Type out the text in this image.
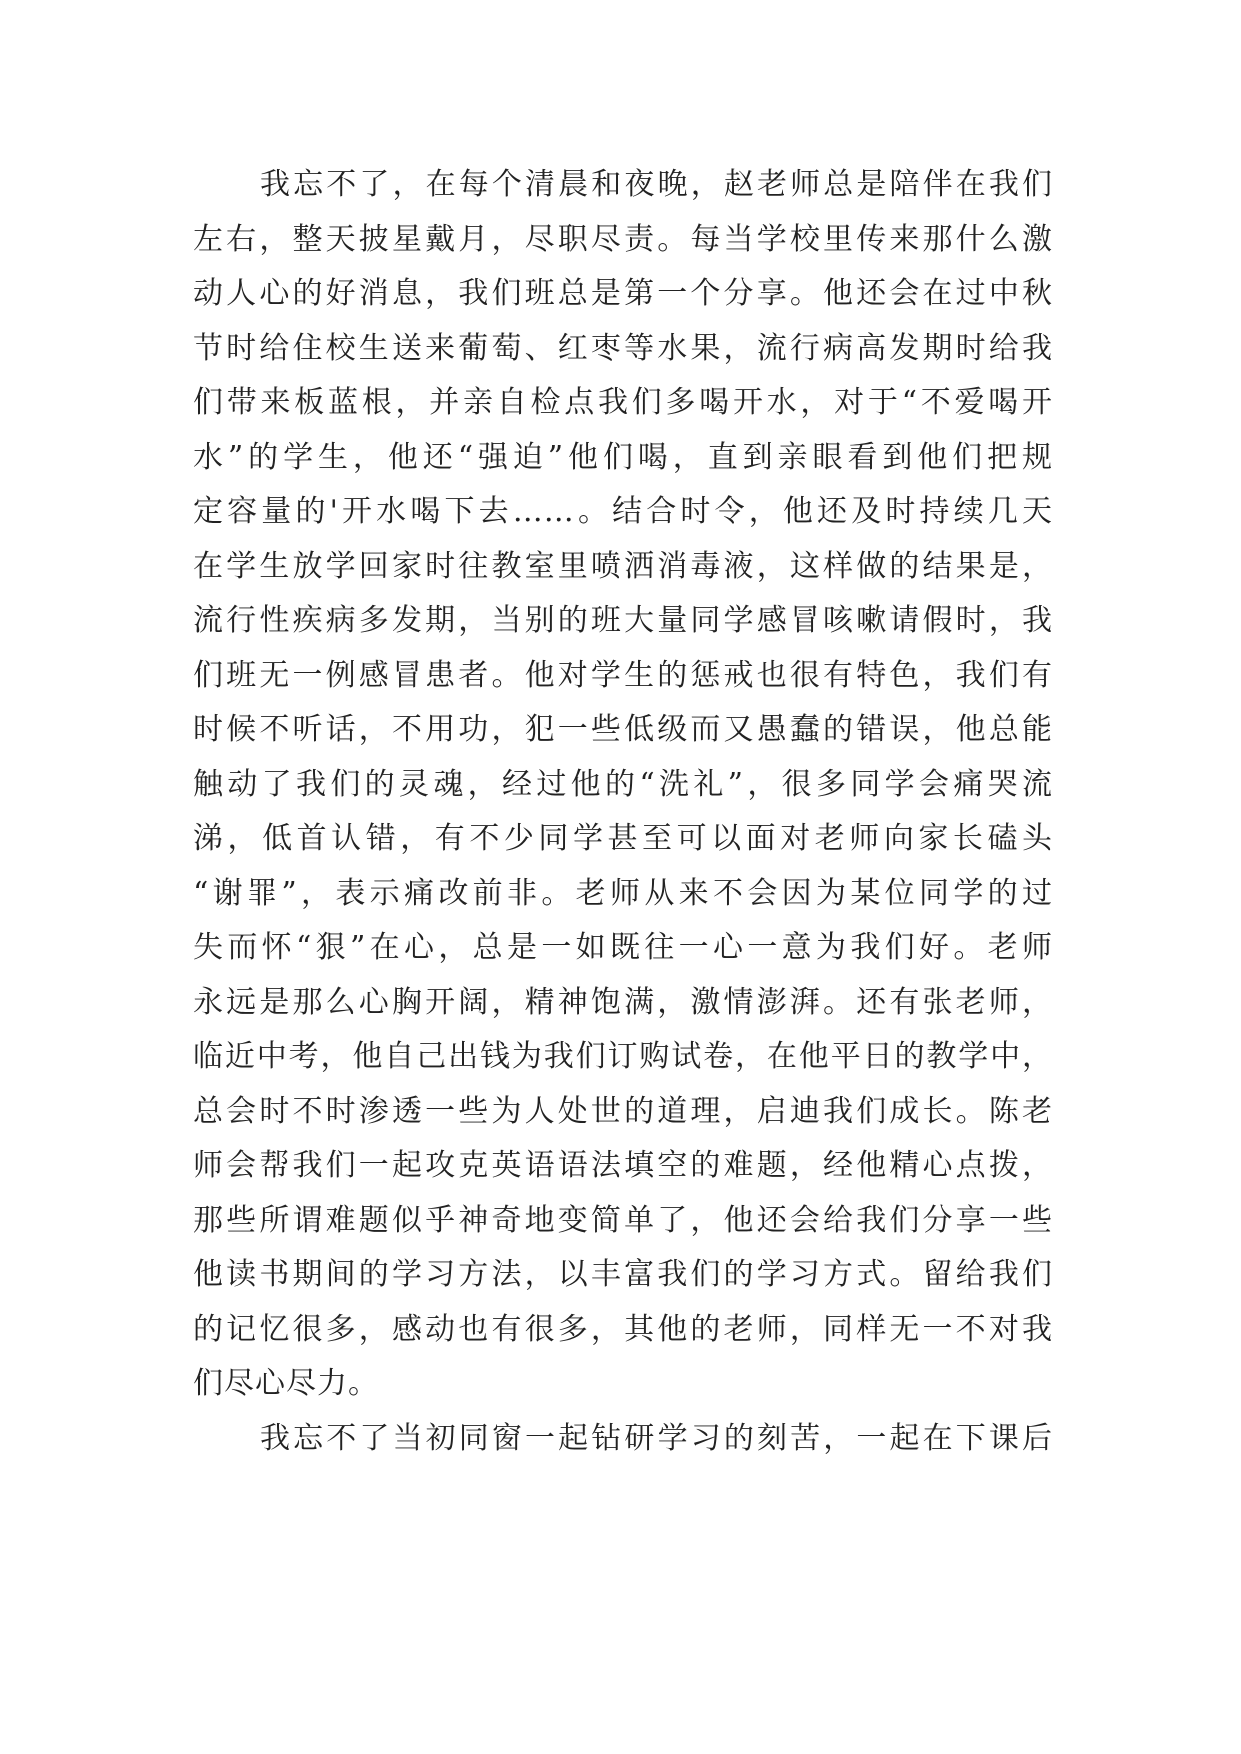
我忘不了，在每个清晨和夜晚，赵老师总是陪伴在我们
左右，整天披星戴月，尽职尽责。每当学校里传来那什么激
动人心的好消息，我们班总是第一个分享。他还会在过中秋
节时给住校生送来葡萄、红枣等水果，流行病高发期时给我
们带来板蓝根，并亲自检点我们多喝开水，对于“不爱喝开
水”的学生，他还“强迫”他们喝，直到亲眼看到他们把规
定容量的'开水喝下去……。结合时令，他还及时持续几天
在学生放学回家时往教室里喷洒消毒液，这样做的结果是，
流行性疾病多发期，当别的班大量同学感冒咳嗽请假时，我
们班无一例感冒患者。他对学生的惩戒也很有特色，我们有
时候不听话，不用功，犯一些低级而又愚蠢的错误，他总能
触动了我们的灵魂，经过他的“洗礼”，很多同学会痛哭流
涕，低首认错，有不少同学甚至可以面对老师向家长磕头
“谢罪”，表示痛改前非。老师从来不会因为某位同学的过
失而怀“狠”在心，总是一如既往一心一意为我们好。老师
永远是那么心胸开阔，精神饱满，激情澎湃。还有张老师，
临近中考，他自己出钱为我们订购试卷，在他平日的教学中，
总会时不时渗透一些为人处世的道理，启迪我们成长。陈老
师会帮我们一起攻克英语语法填空的难题，经他精心点拨，
那些所谓难题似乎神奇地变简单了，他还会给我们分享一些
他读书期间的学习方法，以丰富我们的学习方式。留给我们
的记忆很多，感动也有很多，其他的老师，同样无一不对我
们尽心尽力。
我忘不了当初同窗一起钻研学习的刻苦，一起在下课后
